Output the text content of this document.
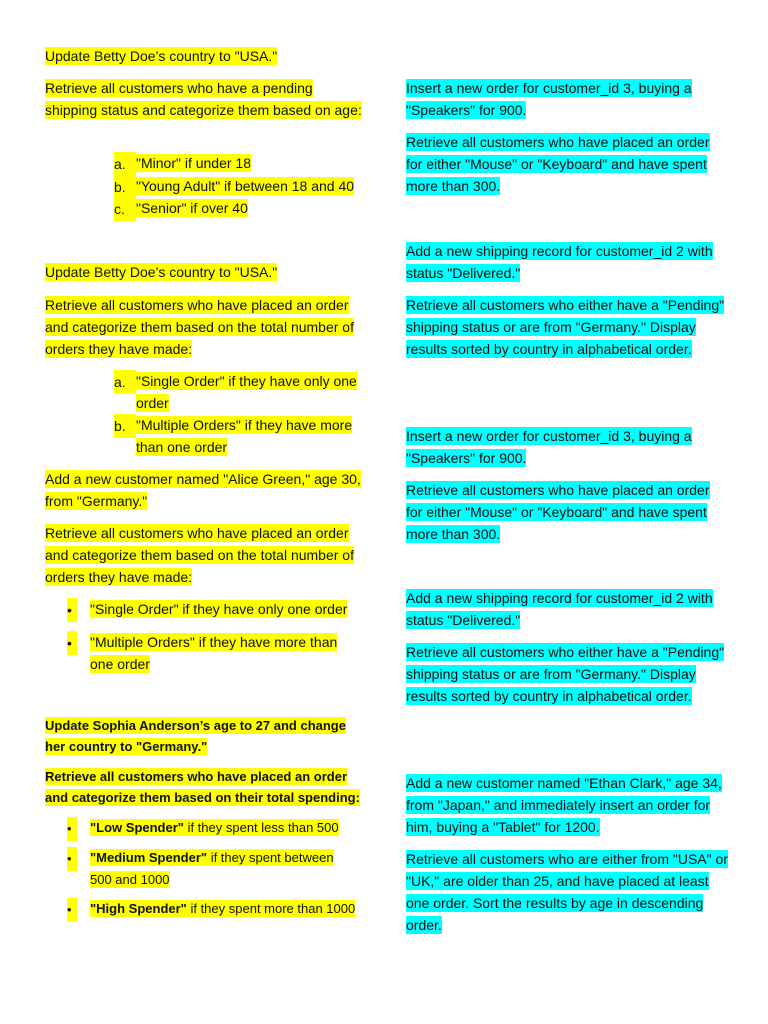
Update Betty Doe’s country to "USA."

Retrieve all customers who have a pending shipping status and categorize them based on age:

a. "Minor" if under 18
b. "Young Adult" if between 18 and 40
c. "Senior" if over 40

Update Betty Doe’s country to "USA."

Retrieve all customers who have placed an order and categorize them based on the total number of orders they have made:

a. "Single Order" if they have only one order
b. "Multiple Orders" if they have more than one order

Add a new customer named "Alice Green," age 30, from "Germany."

Retrieve all customers who have placed an order and categorize them based on the total number of orders they have made:

•	"Single Order" if they have only one order
•	"Multiple Orders" if they have more than one order

Update Sophia Anderson’s age to 27 and change her country to "Germany."

Retrieve all customers who have placed an order and categorize them based on their total spending:

•	"Low Spender" if they spent less than 500
•	"Medium Spender" if they spent between 500 and 1000
•	"High Spender" if they spent more than 1000

Insert a new order for customer_id 3, buying a "Speakers" for 900.

Retrieve all customers who have placed an order for either "Mouse" or "Keyboard" and have spent more than 300.

Add a new shipping record for customer_id 2 with status "Delivered."

Retrieve all customers who either have a "Pending" shipping status or are from "Germany." Display results sorted by country in alphabetical order.

Insert a new order for customer_id 3, buying a "Speakers" for 900.

Retrieve all customers who have placed an order for either "Mouse" or "Keyboard" and have spent more than 300.

Add a new shipping record for customer_id 2 with status "Delivered."

Retrieve all customers who either have a "Pending" shipping status or are from "Germany." Display results sorted by country in alphabetical order.

Add a new customer named "Ethan Clark," age 34, from "Japan," and immediately insert an order for him, buying a "Tablet" for 1200.

Retrieve all customers who are either from "USA" or "UK," are older than 25, and have placed at least one order. Sort the results by age in descending order.
